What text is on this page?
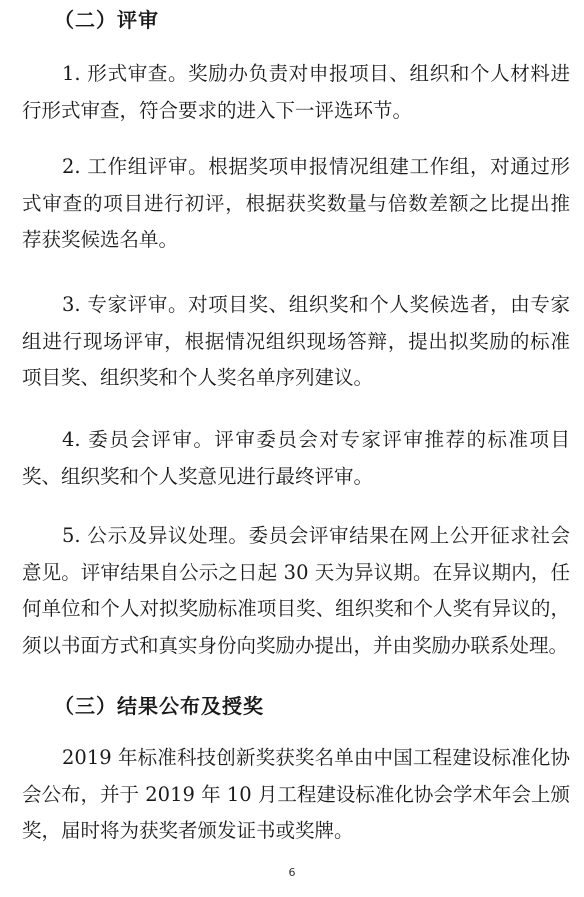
（二）评审
1. 形式审查。奖励办负责对申报项目、组织和个人材料进
行形式审查，符合要求的进入下一评选环节。
2. 工作组评审。根据奖项申报情况组建工作组，对通过形
式审查的项目进行初评，根据获奖数量与倍数差额之比提出推
荐获奖候选名单。
3. 专家评审。对项目奖、组织奖和个人奖候选者，由专家
组进行现场评审，根据情况组织现场答辩，提出拟奖励的标准
项目奖、组织奖和个人奖名单序列建议。
4. 委员会评审。评审委员会对专家评审推荐的标准项目
奖、组织奖和个人奖意见进行最终评审。
5. 公示及异议处理。委员会评审结果在网上公开征求社会
意见。评审结果自公示之日起 30 天为异议期。在异议期内，任
何单位和个人对拟奖励标准项目奖、组织奖和个人奖有异议的，
须以书面方式和真实身份向奖励办提出，并由奖励办联系处理。
（三）结果公布及授奖
2019 年标准科技创新奖获奖名单由中国工程建设标准化协
会公布，并于 2019 年 10 月工程建设标准化协会学术年会上颁
奖，届时将为获奖者颁发证书或奖牌。
6
